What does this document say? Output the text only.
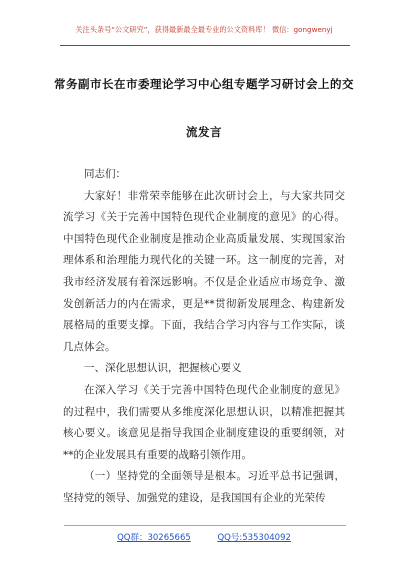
关注头条号“公文研究”，获得最新最全最专业的公文资料库！ 微信：gongwenyj
常务副市长在市委理论学习中心组专题学习研讨会上的交
流发言

同志们：

大家好！非常荣幸能够在此次研讨会上，与大家共同交流学习《关于完善中国特色现代企业制度的意见》的心得。中国特色现代企业制度是推动企业高质量发展、实现国家治理体系和治理能力现代化的关键一环。这一制度的完善，对我市经济发展有着深远影响。不仅是企业适应市场竞争、激发创新活力的内在需求，更是**贯彻新发展理念、构建新发展格局的重要支撑。下面，我结合学习内容与工作实际，谈几点体会。

一、深化思想认识，把握核心要义

在深入学习《关于完善中国特色现代企业制度的意见》的过程中，我们需要从多维度深化思想认识，以精准把握其核心要义。该意见是指导我国企业制度建设的重要纲领，对**的企业发展具有重要的战略引领作用。

（一）坚持党的全面领导是根本。习近平总书记强调，坚持党的领导、加强党的建设，是我国国有企业的光荣传

QQ群：30265665	QQ号:535304092
